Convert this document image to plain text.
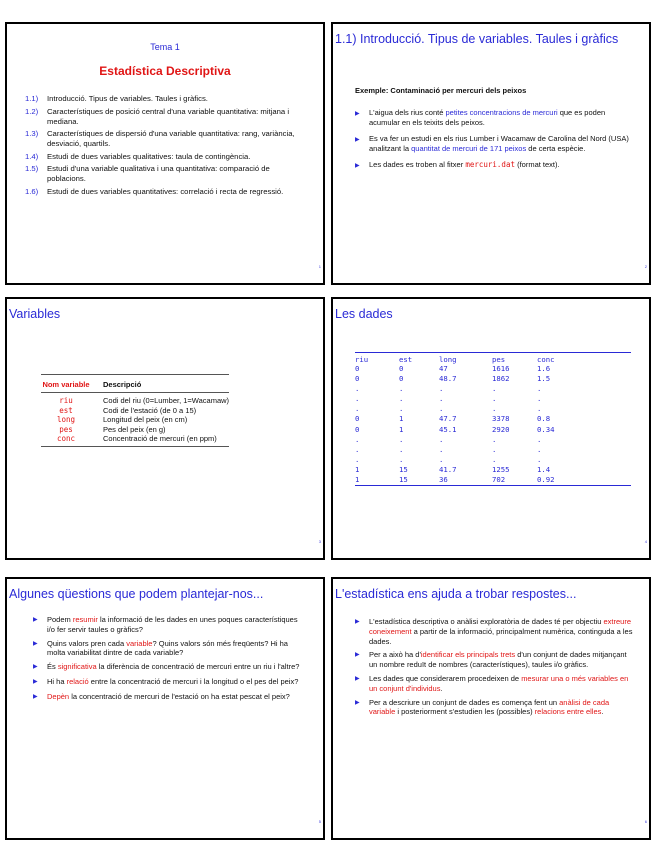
Tema 1
Estadística Descriptiva
1.1)	Introducció. Tipus de variables. Taules i gràfics.
1.2)	Característiques de posició central d'una variable quantitativa: mitjana i mediana.
1.3)	Característiques de dispersió d'una variable quantitativa: rang, variància, desviació, quartils.
1.4)	Estudi de dues variables qualitatives: taula de contingència.
1.5)	Estudi d'una variable qualitativa i una quantitativa: comparació de poblacions.
1.6)	Estudi de dues variables quantitatives: correlació i recta de regressió.
1
1.1) Introducció. Tipus de variables. Taules i gràfics
Exemple: Contaminació per mercuri dels peixos
▶	L'aigua dels rius conté petites concentracions de mercuri que es poden acumular en els teixits dels peixos.
▶	Es va fer un estudi en els rius Lumber i Wacamaw de Carolina del Nord (USA) analitzant la quantitat de mercuri de 171 peixos de certa espècie.
▶	Les dades es troben al fitxer mercuri.dat (format text).
2
Variables
Nom variable	Descripció
riu	Codi del riu (0=Lumber, 1=Wacamaw)
est	Codi de l'estació (de 0 a 15)
long	Longitud del peix (en cm)
pes	Pes del peix (en g)
conc	Concentració de mercuri (en ppm)
3
Les dades
riu	est	long	pes	conc

0	0	47	1616	1.6
0	0	48.7	1862	1.5
.	.	.	.	.
.	.	.	.	.
.	.	.	.	.
0	1	47.7	3378	0.8
0	1	45.1	2920	0.34
.	.	.	.	.
.	.	.	.	.
.	.	.	.	.
1	15	41.7	1255	1.4
1	15	36	702	0.92
4
Algunes qüestions que podem plantejar-nos...
▶	Podem resumir la informació de les dades en unes poques característiques i/o fer servir taules o gràfics?
▶	Quins valors pren cada variable? Quins valors són més freqüents? Hi ha molta variabilitat dintre de cada variable?
▶	És significativa la diferència de concentració de mercuri entre un riu i l'altre?
▶	Hi ha relació entre la concentració de mercuri i la longitud o el pes del peix?
▶	Depèn la concentració de mercuri de l'estació on ha estat pescat el peix?
5
L'estadística ens ajuda a trobar respostes...
▶	L'estadística descriptiva o anàlisi exploratòria de dades té per objectiu extreure coneixement a partir de la informació, principalment numèrica, continguda a les dades.
▶	Per a això ha d'identificar els principals trets d'un conjunt de dades mitjançant un nombre reduït de nombres (característiques), taules i/o gràfics.
▶	Les dades que considerarem procedeixen de mesurar una o més variables en un conjunt d'individus.
▶	Per a descriure un conjunt de dades es comença fent un anàlisi de cada variable i posteriorment s'estudien les (possibles) relacions entre elles.
6
